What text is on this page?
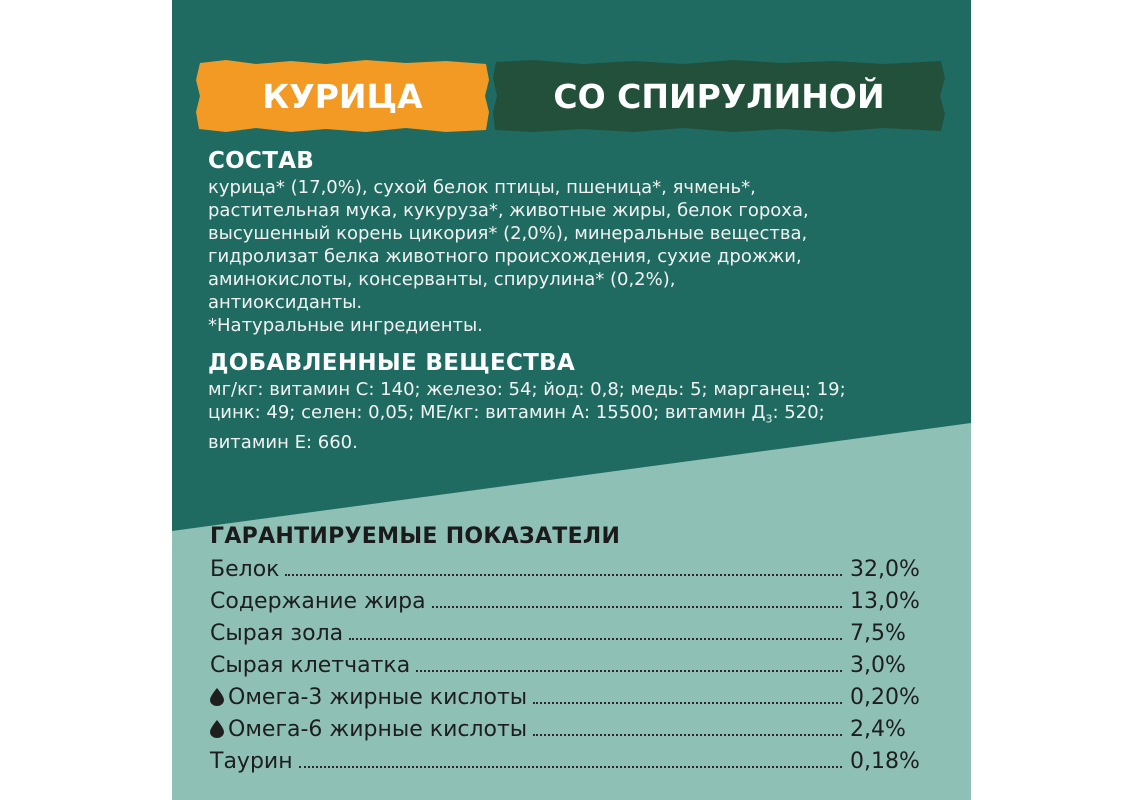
КУРИЦА	СО СПИРУЛИНОЙ
СОСТАВ
курица* (17,0%), сухой белок птицы, пшеница*, ячмень*,
растительная мука, кукуруза*, животные жиры, белок гороха,
высушенный корень цикория* (2,0%), минеральные вещества,
гидролизат белка животного происхождения, сухие дрожжи,
аминокислоты, консерванты, спирулина* (0,2%),
антиоксиданты.
*Натуральные ингредиенты.
ДОБАВЛЕННЫЕ ВЕЩЕСТВА
мг/кг: витамин С: 140; железо: 54; йод: 0,8; медь: 5; марганец: 19;
цинк: 49; селен: 0,05; МЕ/кг: витамин А: 15500; витамин $Д_3$: 520;
витамин Е: 660.
ГАРАНТИРУЕМЫЕ ПОКАЗАТЕЛИ
Белок	32,0%
Содержание жира	13,0%
Сырая зола	7,5%
Сырая клетчатка	3,0%
Омега-3 жирные кислоты	0,20%
Омега-6 жирные кислоты	2,4%
Таурин	0,18%
